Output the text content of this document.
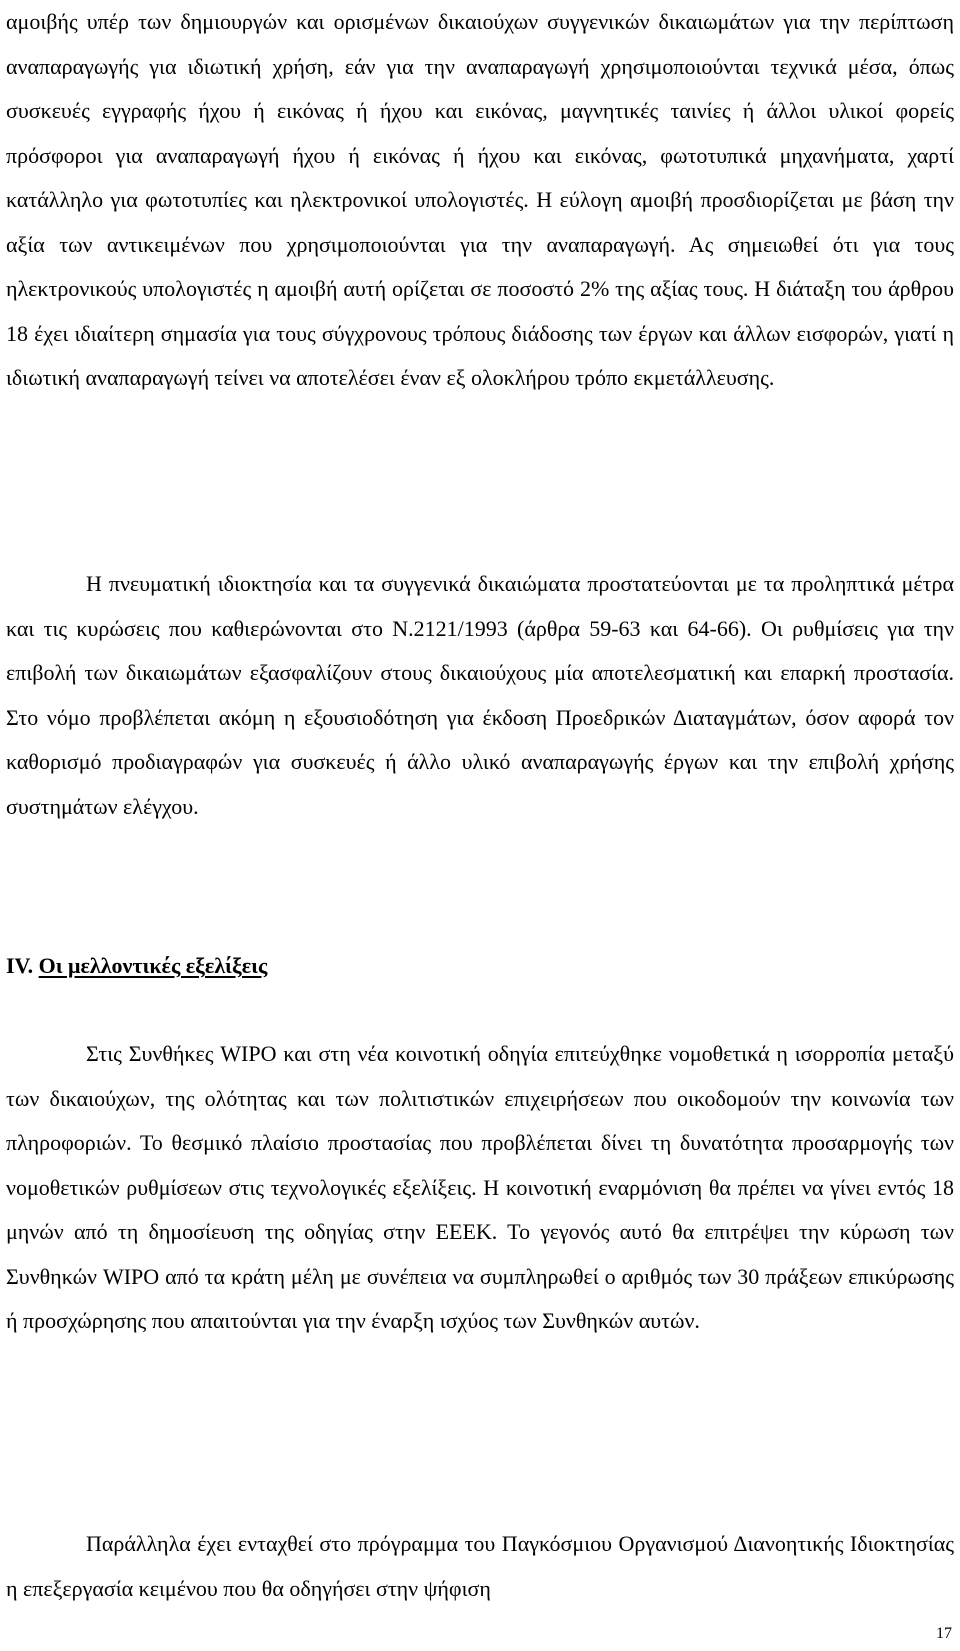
αμοιβής υπέρ των δημιουργών και ορισμένων δικαιούχων συγγενικών δικαιωμάτων για την περίπτωση αναπαραγωγής για ιδιωτική χρήση, εάν για την αναπαραγωγή χρησιμοποιούνται τεχνικά μέσα, όπως συσκευές εγγραφής ήχου ή εικόνας ή ήχου και εικόνας, μαγνητικές ταινίες ή άλλοι υλικοί φορείς πρόσφοροι για αναπαραγωγή ήχου ή εικόνας ή ήχου και εικόνας, φωτοτυπικά μηχανήματα, χαρτί κατάλληλο για φωτοτυπίες και ηλεκτρονικοί υπολογιστές. Η εύλογη αμοιβή προσδιορίζεται με βάση την αξία των αντικειμένων που χρησιμοποιούνται για την αναπαραγωγή. Ας σημειωθεί ότι για τους ηλεκτρονικούς υπολογιστές η αμοιβή αυτή ορίζεται σε ποσοστό 2% της αξίας τους. Η διάταξη του άρθρου 18 έχει ιδιαίτερη σημασία για τους σύγχρονους τρόπους διάδοσης των έργων και άλλων εισφορών, γιατί η ιδιωτική αναπαραγωγή τείνει να αποτελέσει έναν εξ ολοκλήρου τρόπο εκμετάλλευσης.

Η πνευματική ιδιοκτησία και τα συγγενικά δικαιώματα προστατεύονται με τα προληπτικά μέτρα και τις κυρώσεις που καθιερώνονται στο Ν.2121/1993 (άρθρα 59-63 και 64-66). Οι ρυθμίσεις για την επιβολή των δικαιωμάτων εξασφαλίζουν στους δικαιούχους μία αποτελεσματική και επαρκή προστασία. Στο νόμο προβλέπεται ακόμη η εξουσιοδότηση για έκδοση Προεδρικών Διαταγμάτων, όσον αφορά τον καθορισμό προδιαγραφών για συσκευές ή άλλο υλικό αναπαραγωγής έργων και την επιβολή χρήσης συστημάτων ελέγχου.

IV. Οι μελλοντικές εξελίξεις

Στις Συνθήκες WIPO και στη νέα κοινοτική οδηγία επιτεύχθηκε νομοθετικά η ισορροπία μεταξύ των δικαιούχων, της ολότητας και των πολιτιστικών επιχειρήσεων που οικοδομούν την κοινωνία των πληροφοριών. Το θεσμικό πλαίσιο προστασίας που προβλέπεται δίνει τη δυνατότητα προσαρμογής των νομοθετικών ρυθμίσεων στις τεχνολογικές εξελίξεις. Η κοινοτική εναρμόνιση θα πρέπει να γίνει εντός 18 μηνών από τη δημοσίευση της οδηγίας στην ΕΕΕΚ. Το γεγονός αυτό θα επιτρέψει την κύρωση των Συνθηκών WIPO από τα κράτη μέλη με συνέπεια να συμπληρωθεί ο αριθμός των 30 πράξεων επικύρωσης ή προσχώρησης που απαιτούνται για την έναρξη ισχύος των Συνθηκών αυτών.

Παράλληλα έχει ενταχθεί στο πρόγραμμα του Παγκόσμιου Οργανισμού Διανοητικής Ιδιοκτησίας η επεξεργασία κειμένου που θα οδηγήσει στην ψήφιση

17
